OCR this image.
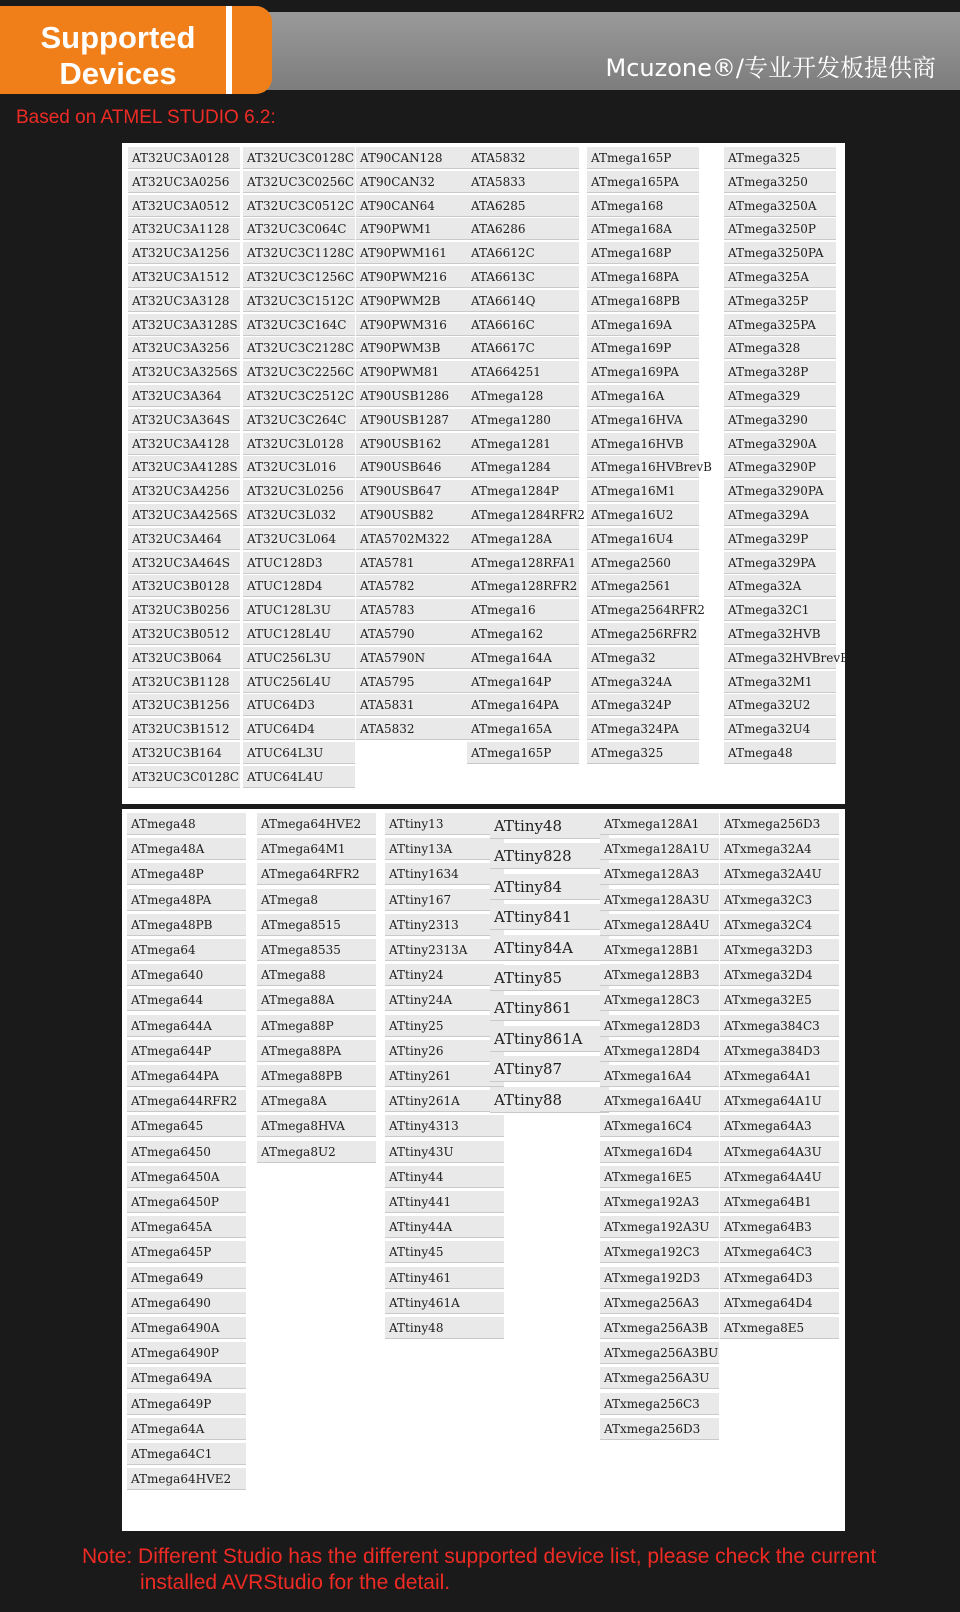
Mcuzone®/专业开发板提供商
Supported
Devices
Based on ATMEL STUDIO 6.2:
AT32UC3A0128
AT32UC3A0256
AT32UC3A0512
AT32UC3A1128
AT32UC3A1256
AT32UC3A1512
AT32UC3A3128
AT32UC3A3128S
AT32UC3A3256
AT32UC3A3256S
AT32UC3A364
AT32UC3A364S
AT32UC3A4128
AT32UC3A4128S
AT32UC3A4256
AT32UC3A4256S
AT32UC3A464
AT32UC3A464S
AT32UC3B0128
AT32UC3B0256
AT32UC3B0512
AT32UC3B064
AT32UC3B1128
AT32UC3B1256
AT32UC3B1512
AT32UC3B164
AT32UC3C0128C
AT32UC3C0128C
AT32UC3C0256C
AT32UC3C0512C
AT32UC3C064C
AT32UC3C1128C
AT32UC3C1256C
AT32UC3C1512C
AT32UC3C164C
AT32UC3C2128C
AT32UC3C2256C
AT32UC3C2512C
AT32UC3C264C
AT32UC3L0128
AT32UC3L016
AT32UC3L0256
AT32UC3L032
AT32UC3L064
ATUC128D3
ATUC128D4
ATUC128L3U
ATUC128L4U
ATUC256L3U
ATUC256L4U
ATUC64D3
ATUC64D4
ATUC64L3U
ATUC64L4U
AT90CAN128
AT90CAN32
AT90CAN64
AT90PWM1
AT90PWM161
AT90PWM216
AT90PWM2B
AT90PWM316
AT90PWM3B
AT90PWM81
AT90USB1286
AT90USB1287
AT90USB162
AT90USB646
AT90USB647
AT90USB82
ATA5702M322
ATA5781
ATA5782
ATA5783
ATA5790
ATA5790N
ATA5795
ATA5831
ATA5832
ATA5832
ATA5833
ATA6285
ATA6286
ATA6612C
ATA6613C
ATA6614Q
ATA6616C
ATA6617C
ATA664251
ATmega128
ATmega1280
ATmega1281
ATmega1284
ATmega1284P
ATmega1284RFR2
ATmega128A
ATmega128RFA1
ATmega128RFR2
ATmega16
ATmega162
ATmega164A
ATmega164P
ATmega164PA
ATmega165A
ATmega165P
ATmega165P
ATmega165PA
ATmega168
ATmega168A
ATmega168P
ATmega168PA
ATmega168PB
ATmega169A
ATmega169P
ATmega169PA
ATmega16A
ATmega16HVA
ATmega16HVB
ATmega16HVBrevB
ATmega16M1
ATmega16U2
ATmega16U4
ATmega2560
ATmega2561
ATmega2564RFR2
ATmega256RFR2
ATmega32
ATmega324A
ATmega324P
ATmega324PA
ATmega325
ATmega325
ATmega3250
ATmega3250A
ATmega3250P
ATmega3250PA
ATmega325A
ATmega325P
ATmega325PA
ATmega328
ATmega328P
ATmega329
ATmega3290
ATmega3290A
ATmega3290P
ATmega3290PA
ATmega329A
ATmega329P
ATmega329PA
ATmega32A
ATmega32C1
ATmega32HVB
ATmega32HVBrevB
ATmega32M1
ATmega32U2
ATmega32U4
ATmega48
ATmega48
ATmega48A
ATmega48P
ATmega48PA
ATmega48PB
ATmega64
ATmega640
ATmega644
ATmega644A
ATmega644P
ATmega644PA
ATmega644RFR2
ATmega645
ATmega6450
ATmega6450A
ATmega6450P
ATmega645A
ATmega645P
ATmega649
ATmega6490
ATmega6490A
ATmega6490P
ATmega649A
ATmega649P
ATmega64A
ATmega64C1
ATmega64HVE2
ATmega64HVE2
ATmega64M1
ATmega64RFR2
ATmega8
ATmega8515
ATmega8535
ATmega88
ATmega88A
ATmega88P
ATmega88PA
ATmega88PB
ATmega8A
ATmega8HVA
ATmega8U2
ATtiny13
ATtiny13A
ATtiny1634
ATtiny167
ATtiny2313
ATtiny2313A
ATtiny24
ATtiny24A
ATtiny25
ATtiny26
ATtiny261
ATtiny261A
ATtiny4313
ATtiny43U
ATtiny44
ATtiny441
ATtiny44A
ATtiny45
ATtiny461
ATtiny461A
ATtiny48
ATtiny48
ATtiny828
ATtiny84
ATtiny841
ATtiny84A
ATtiny85
ATtiny861
ATtiny861A
ATtiny87
ATtiny88
ATxmega128A1
ATxmega128A1U
ATxmega128A3
ATxmega128A3U
ATxmega128A4U
ATxmega128B1
ATxmega128B3
ATxmega128C3
ATxmega128D3
ATxmega128D4
ATxmega16A4
ATxmega16A4U
ATxmega16C4
ATxmega16D4
ATxmega16E5
ATxmega192A3
ATxmega192A3U
ATxmega192C3
ATxmega192D3
ATxmega256A3
ATxmega256A3B
ATxmega256A3BU
ATxmega256A3U
ATxmega256C3
ATxmega256D3
ATxmega256D3
ATxmega32A4
ATxmega32A4U
ATxmega32C3
ATxmega32C4
ATxmega32D3
ATxmega32D4
ATxmega32E5
ATxmega384C3
ATxmega384D3
ATxmega64A1
ATxmega64A1U
ATxmega64A3
ATxmega64A3U
ATxmega64A4U
ATxmega64B1
ATxmega64B3
ATxmega64C3
ATxmega64D3
ATxmega64D4
ATxmega8E5
Note: Different Studio has the different supported device list, please check the current
installed AVRStudio for the detail.
